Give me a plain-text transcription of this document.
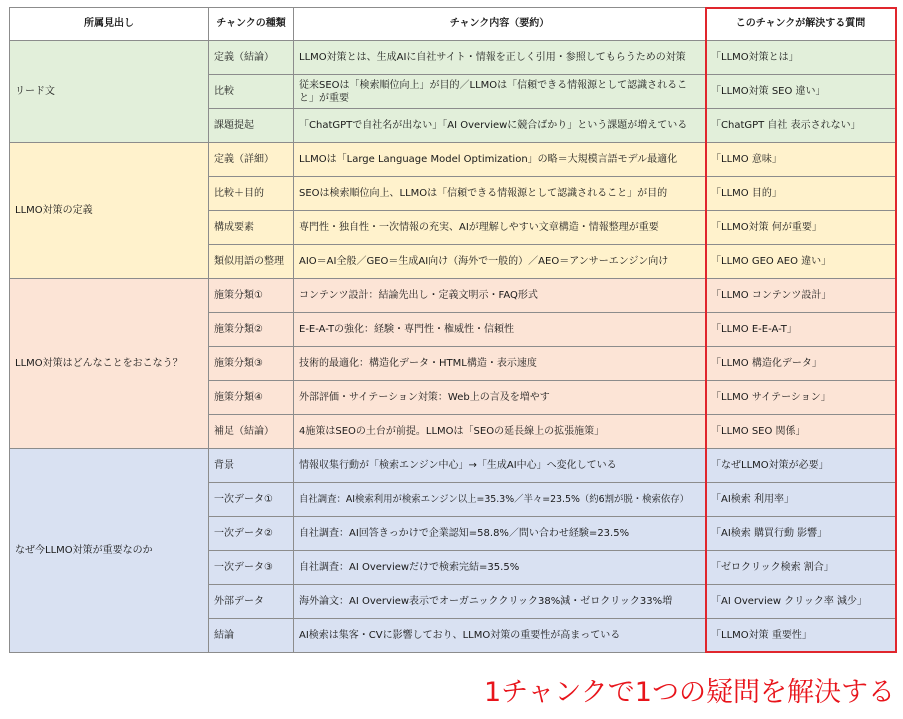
所属見出し	チャンクの種類	チャンク内容（要約）	このチャンクが解決する質問
リード文	定義（結論）	LLMO対策とは、生成AIに自社サイト・情報を正しく引用・参照してもらうための対策	「LLMO対策とは」
	比較	従来SEOは「検索順位向上」が目的／LLMOは「信頼できる情報源として認識されること」が重要	「LLMO対策 SEO 違い」
	課題提起	「ChatGPTで自社名が出ない」「AI Overviewに競合ばかり」という課題が増えている	「ChatGPT 自社 表示されない」
LLMO対策の定義	定義（詳細）	LLMOは「Large Language Model Optimization」の略＝大規模言語モデル最適化	「LLMO 意味」
	比較＋目的	SEOは検索順位向上、LLMOは「信頼できる情報源として認識されること」が目的	「LLMO 目的」
	構成要素	専門性・独自性・一次情報の充実、AIが理解しやすい文章構造・情報整理が重要	「LLMO対策 何が重要」
	類似用語の整理	AIO＝AI全般／GEO＝生成AI向け（海外で一般的）／AEO＝アンサーエンジン向け	「LLMO GEO AEO 違い」
LLMO対策はどんなことをおこなう？	施策分類①	コンテンツ設計：結論先出し・定義文明示・FAQ形式	「LLMO コンテンツ設計」
	施策分類②	E-E-A-Tの強化：経験・専門性・権威性・信頼性	「LLMO E-E-A-T」
	施策分類③	技術的最適化：構造化データ・HTML構造・表示速度	「LLMO 構造化データ」
	施策分類④	外部評価・サイテーション対策：Web上の言及を増やす	「LLMO サイテーション」
	補足（結論）	4施策はSEOの土台が前提。LLMOは「SEOの延長線上の拡張施策」	「LLMO SEO 関係」
なぜ今LLMO対策が重要なのか	背景	情報収集行動が「検索エンジン中心」→「生成AI中心」へ変化している	「なぜLLMO対策が必要」
	一次データ①	自社調査：AI検索利用が検索エンジン以上=35.3%／半々=23.5%（約6割が脱・検索依存）	「AI検索 利用率」
	一次データ②	自社調査：AI回答きっかけで企業認知=58.8%／問い合わせ経験=23.5%	「AI検索 購買行動 影響」
	一次データ③	自社調査：AI Overviewだけで検索完結=35.5%	「ゼロクリック検索 割合」
	外部データ	海外論文：AI Overview表示でオーガニッククリック38%減・ゼロクリック33%増	「AI Overview クリック率 減少」
	結論	AI検索は集客・CVに影響しており、LLMO対策の重要性が高まっている	「LLMO対策 重要性」
1チャンクで1つの疑問を解決する
